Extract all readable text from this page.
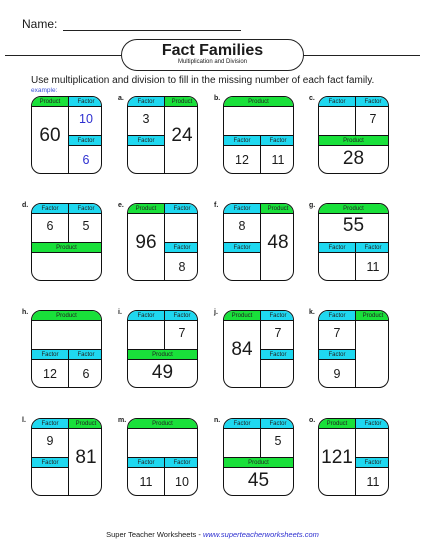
Name:
Fact Families
Multiplication and Division
Use multiplication and division to fill in the missing number of each fact family.
example:
Product
60
Factor
10
Factor
6
Factor
3
Factor
Product
24
a.	Product
Factor
12
Factor
11
b.	Factor	Factor
7
Product
28
c.
Factor
6
Factor
5
Product
d.	Product
96
Factor
Factor
8
e.	Factor
8
Factor
Product
48
f.	Product
55
Factor	Factor
11
g.
Product
Factor
12
Factor
6
h.	Factor	Factor
7
Product
49
i.	Product
84
Factor
7
Factor
j.	Factor
7
Factor
9
Product
k.
Factor
9
Factor
Product
81
l.	Product
Factor
11
Factor
10
m.	Factor	Factor
5
Product
45
n.	Product
121
Factor
Factor
11
o.
Super Teacher Worksheets - www.superteacherworksheets.com
